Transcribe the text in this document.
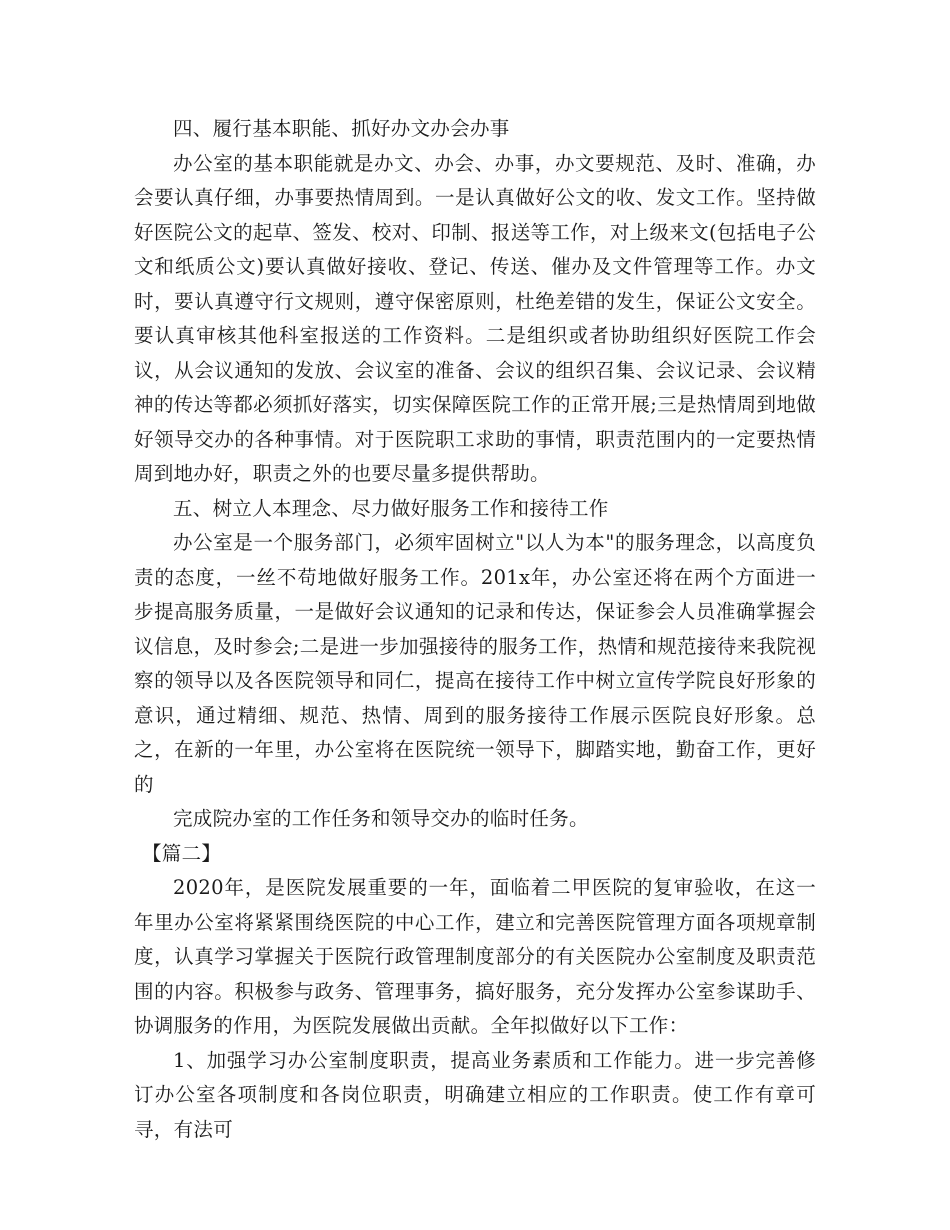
四、履行基本职能、抓好办文办会办事

办公室的基本职能就是办文、办会、办事，办文要规范、及时、准确，办会要认真仔细，办事要热情周到。一是认真做好公文的收、发文工作。坚持做好医院公文的起草、签发、校对、印制、报送等工作，对上级来文(包括电子公文和纸质公文)要认真做好接收、登记、传送、催办及文件管理等工作。办文时，要认真遵守行文规则，遵守保密原则，杜绝差错的发生，保证公文安全。要认真审核其他科室报送的工作资料。二是组织或者协助组织好医院工作会议，从会议通知的发放、会议室的准备、会议的组织召集、会议记录、会议精神的传达等都必须抓好落实，切实保障医院工作的正常开展;三是热情周到地做好领导交办的各种事情。对于医院职工求助的事情，职责范围内的一定要热情周到地办好，职责之外的也要尽量多提供帮助。

五、树立人本理念、尽力做好服务工作和接待工作

办公室是一个服务部门，必须牢固树立"以人为本"的服务理念，以高度负责的态度，一丝不苟地做好服务工作。201x年，办公室还将在两个方面进一步提高服务质量，一是做好会议通知的记录和传达，保证参会人员准确掌握会议信息，及时参会;二是进一步加强接待的服务工作，热情和规范接待来我院视察的领导以及各医院领导和同仁，提高在接待工作中树立宣传学院良好形象的意识，通过精细、规范、热情、周到的服务接待工作展示医院良好形象。总之，在新的一年里，办公室将在医院统一领导下，脚踏实地，勤奋工作，更好的

完成院办室的工作任务和领导交办的临时任务。

【篇二】

2020年，是医院发展重要的一年，面临着二甲医院的复审验收，在这一年里办公室将紧紧围绕医院的中心工作，建立和完善医院管理方面各项规章制度，认真学习掌握关于医院行政管理制度部分的有关医院办公室制度及职责范围的内容。积极参与政务、管理事务，搞好服务，充分发挥办公室参谋助手、协调服务的作用，为医院发展做出贡献。全年拟做好以下工作：

1、加强学习办公室制度职责，提高业务素质和工作能力。进一步完善修订办公室各项制度和各岗位职责，明确建立相应的工作职责。使工作有章可寻，有法可
